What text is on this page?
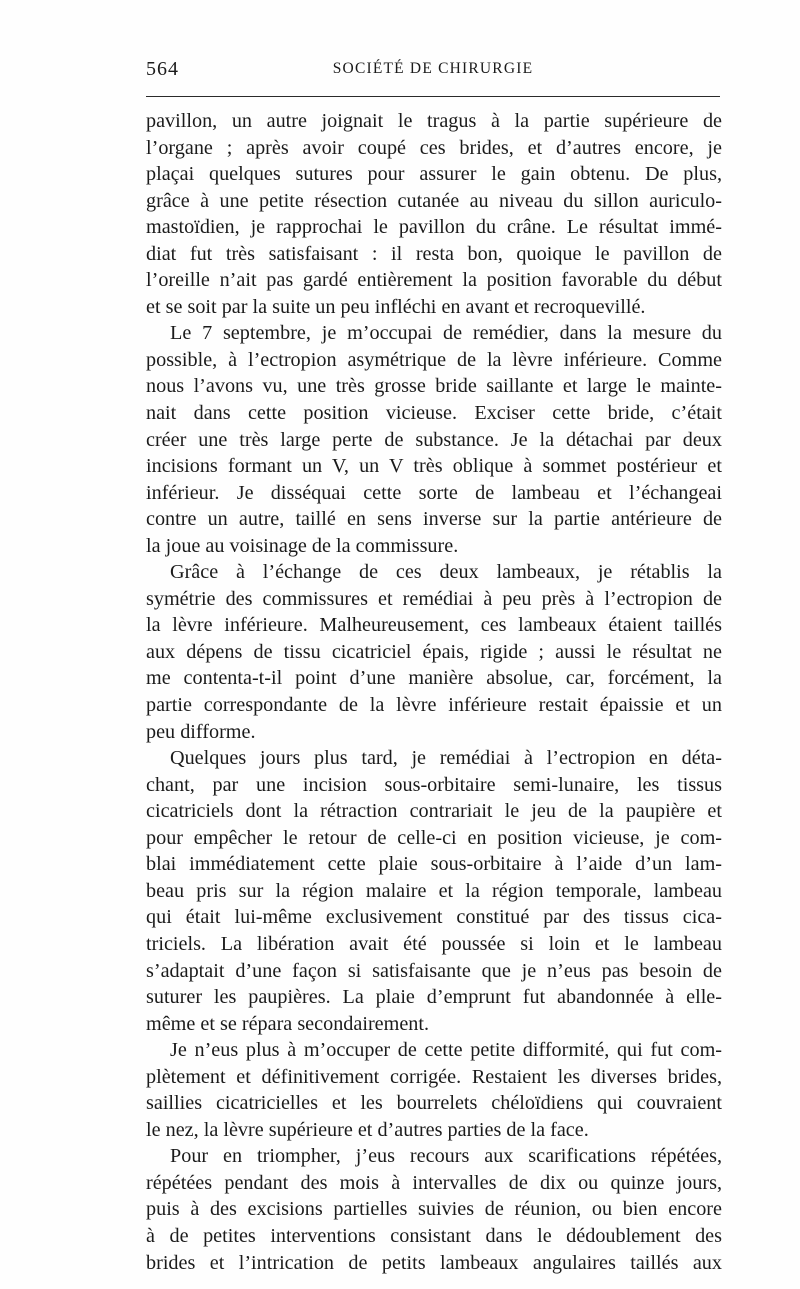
564	SOCIÉTÉ DE CHIRURGIE
pavillon, un autre joignait le tragus à la partie supérieure de
l’organe ; après avoir coupé ces brides, et d’autres encore, je
plaçai quelques sutures pour assurer le gain obtenu. De plus,
grâce à une petite résection cutanée au niveau du sillon auriculo-
mastoïdien, je rapprochai le pavillon du crâne. Le résultat immé-
diat fut très satisfaisant : il resta bon, quoique le pavillon de
l’oreille n’ait pas gardé entièrement la position favorable du début
et se soit par la suite un peu infléchi en avant et recroquevillé.
Le 7 septembre, je m’occupai de remédier, dans la mesure du
possible, à l’ectropion asymétrique de la lèvre inférieure. Comme
nous l’avons vu, une très grosse bride saillante et large le mainte-
nait dans cette position vicieuse. Exciser cette bride, c’était
créer une très large perte de substance. Je la détachai par deux
incisions formant un V, un V très oblique à sommet postérieur et
inférieur. Je disséquai cette sorte de lambeau et l’échangeai
contre un autre, taillé en sens inverse sur la partie antérieure de
la joue au voisinage de la commissure.
Grâce à l’échange de ces deux lambeaux, je rétablis la
symétrie des commissures et remédiai à peu près à l’ectropion de
la lèvre inférieure. Malheureusement, ces lambeaux étaient taillés
aux dépens de tissu cicatriciel épais, rigide ; aussi le résultat ne
me contenta-t-il point d’une manière absolue, car, forcément, la
partie correspondante de la lèvre inférieure restait épaissie et un
peu difforme.
Quelques jours plus tard, je remédiai à l’ectropion en déta-
chant, par une incision sous-orbitaire semi-lunaire, les tissus
cicatriciels dont la rétraction contrariait le jeu de la paupière et
pour empêcher le retour de celle-ci en position vicieuse, je com-
blai immédiatement cette plaie sous-orbitaire à l’aide d’un lam-
beau pris sur la région malaire et la région temporale, lambeau
qui était lui-même exclusivement constitué par des tissus cica-
triciels. La libération avait été poussée si loin et le lambeau
s’adaptait d’une façon si satisfaisante que je n’eus pas besoin de
suturer les paupières. La plaie d’emprunt fut abandonnée à elle-
même et se répara secondairement.
Je n’eus plus à m’occuper de cette petite difformité, qui fut com-
plètement et définitivement corrigée. Restaient les diverses brides,
saillies cicatricielles et les bourrelets chéloïdiens qui couvraient
le nez, la lèvre supérieure et d’autres parties de la face.
Pour en triompher, j’eus recours aux scarifications répétées,
répétées pendant des mois à intervalles de dix ou quinze jours,
puis à des excisions partielles suivies de réunion, ou bien encore
à de petites interventions consistant dans le dédoublement des
brides et l’intrication de petits lambeaux angulaires taillés aux
